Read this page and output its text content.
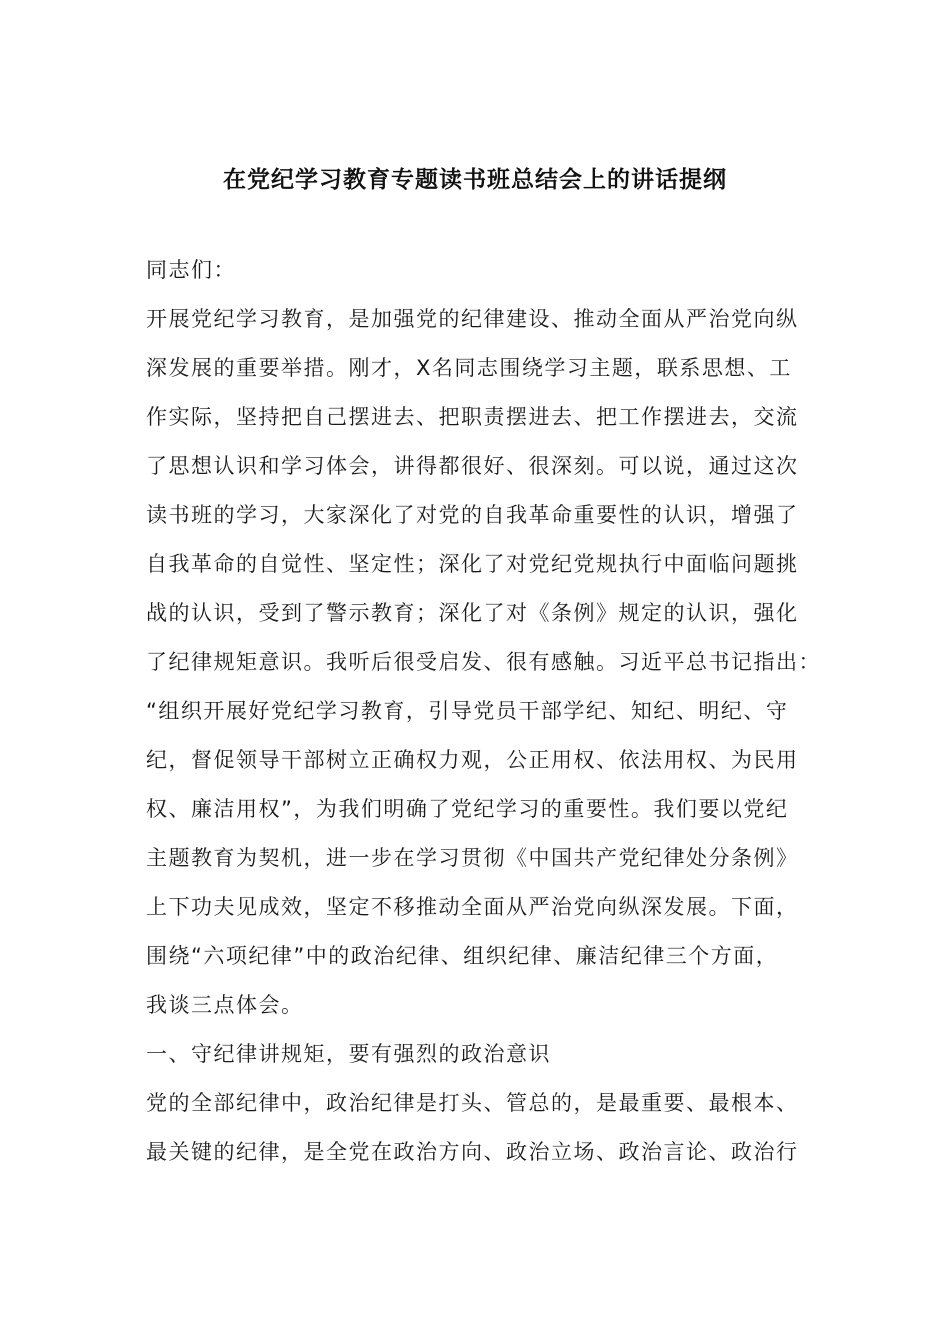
在党纪学习教育专题读书班总结会上的讲话提纲
同志们：
开展党纪学习教育，是加强党的纪律建设、推动全面从严治党向纵
深发展的重要举措。刚才，X名同志围绕学习主题，联系思想、工
作实际，坚持把自己摆进去、把职责摆进去、把工作摆进去，交流
了思想认识和学习体会，讲得都很好、很深刻。可以说，通过这次
读书班的学习，大家深化了对党的自我革命重要性的认识，增强了
自我革命的自觉性、坚定性；深化了对党纪党规执行中面临问题挑
战的认识，受到了警示教育；深化了对《条例》规定的认识，强化
了纪律规矩意识。我听后很受启发、很有感触。习近平总书记指出：
“组织开展好党纪学习教育，引导党员干部学纪、知纪、明纪、守
纪，督促领导干部树立正确权力观，公正用权、依法用权、为民用
权、廉洁用权”，为我们明确了党纪学习的重要性。我们要以党纪
主题教育为契机，进一步在学习贯彻《中国共产党纪律处分条例》
上下功夫见成效，坚定不移推动全面从严治党向纵深发展。下面，
围绕“六项纪律”中的政治纪律、组织纪律、廉洁纪律三个方面，
我谈三点体会。
一、守纪律讲规矩，要有强烈的政治意识
党的全部纪律中，政治纪律是打头、管总的，是最重要、最根本、
最关键的纪律，是全党在政治方向、政治立场、政治言论、政治行
